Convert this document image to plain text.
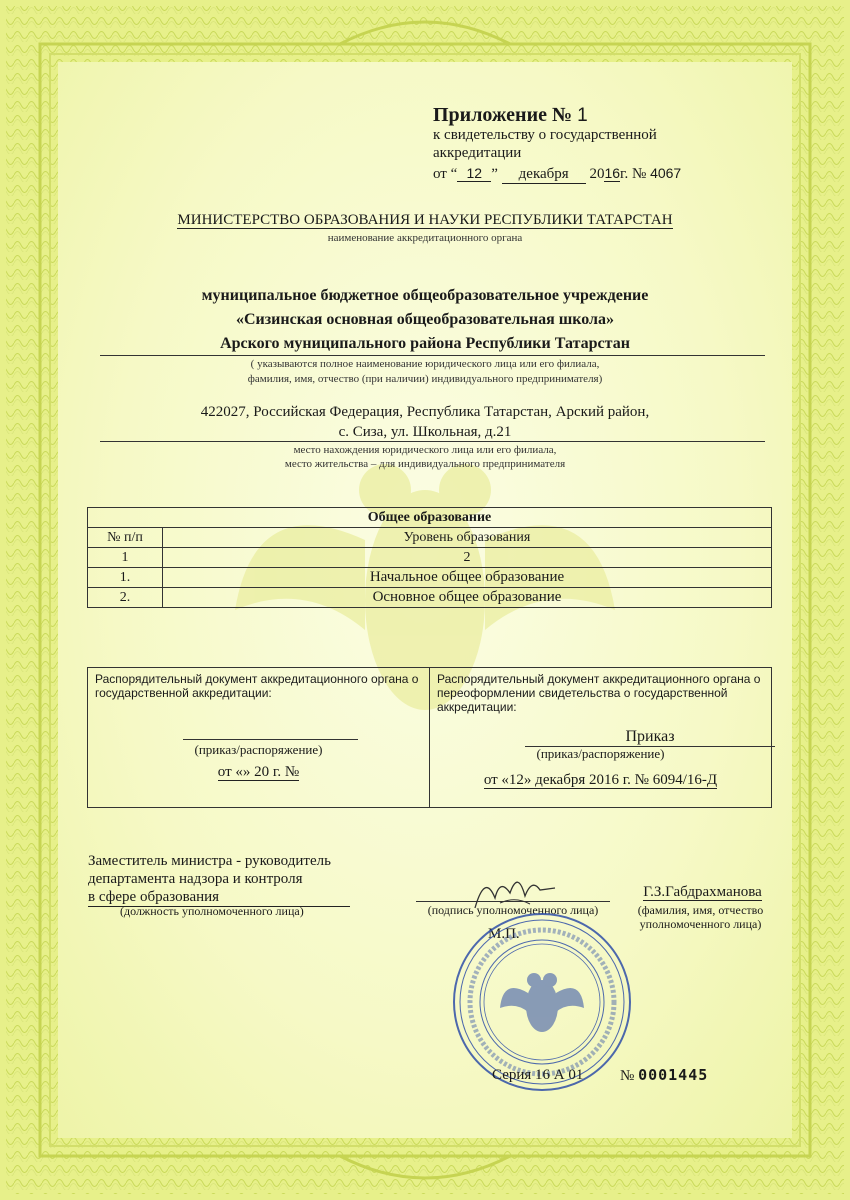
Приложение № 1
к свидетельству о государственной
аккредитации
от “ 12 ” декабря 2016г. № 4067
МИНИСТЕРСТВО ОБРАЗОВАНИЯ И НАУКИ РЕСПУБЛИКИ ТАТАРСТАН
наименование аккредитационного органа
муниципальное бюджетное общеобразовательное учреждение
«Сизинская основная общеобразовательная школа»
Арского муниципального района Республики Татарстан
( указываются полное наименование юридического лица или его филиала,
фамилия, имя, отчество (при наличии) индивидуального предпринимателя)
422027, Российская Федерация, Республика Татарстан, Арский район,
с. Сиза, ул. Школьная, д.21
место нахождения юридического лица или его филиала,
место жительства – для индивидуального предпринимателя
Общее образование	
№ п/п	Уровень образования
1	2
1.	Начальное общее образование
2.	Основное общее образование
Распорядительный документ аккредитационного органа о государственной аккредитации:
(приказ/распоряжение)
от «» 20 г. №

Распорядительный документ аккредитационного органа о переоформлении свидетельства о государственной аккредитации:
Приказ
(приказ/распоряжение)
от «12» декабря 2016 г. № 6094/16-Д
Заместитель министра - руководитель
департамента надзора и контроля
в сфере образования
(должность уполномоченного лица)	(подпись уполномоченного лица)
Г.З.Габдрахманова
(фамилия, имя, отчество
уполномоченного лица)
М.П.
Серия 16 А 01 № 0001445
